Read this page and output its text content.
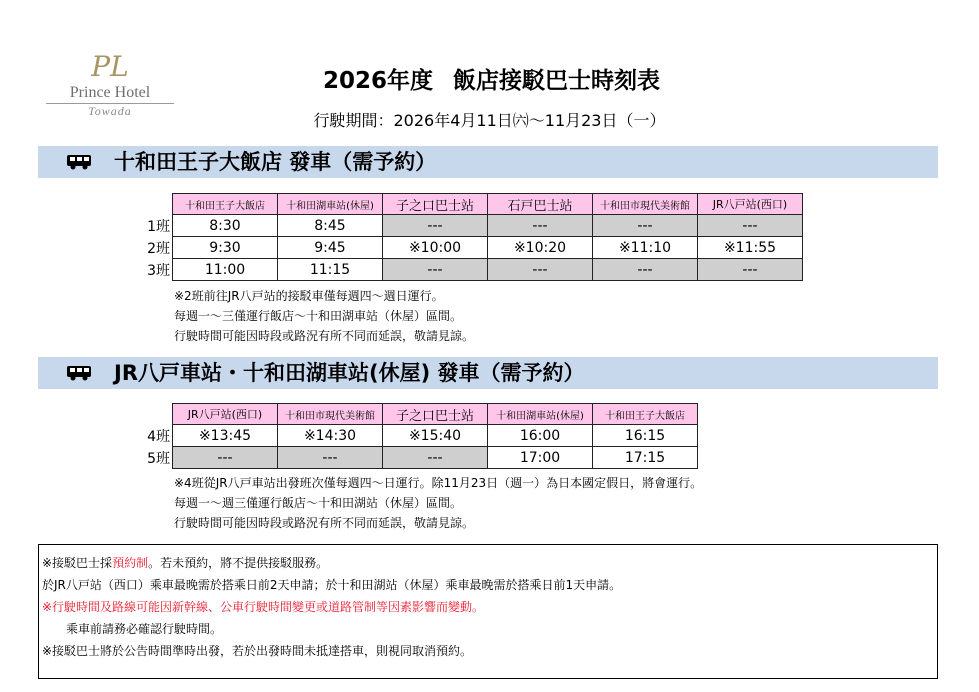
PL
Prince Hotel
Towada
2026年度 飯店接駁巴士時刻表
行駛期間：2026年4月11日㈥～11月23日（一）
十和田王子大飯店 發車（需予約）
	十和田王子大飯店	十和田湖車站(休屋)	子之口巴士站	石戸巴士站	十和田市現代美術館	JR八戸站(西口)
1班	8:30	8:45	---	---	---	---
2班	9:30	9:45	※10:00	※10:20	※11:10	※11:55
3班	11:00	11:15	---	---	---	---
※2班前往JR八戸站的接駁車僅每週四～週日運行。
每週一～三僅運行飯店～十和田湖車站（休屋）區間。
行駛時間可能因時段或路況有所不同而延誤，敬請見諒。
JR八戸車站・十和田湖車站(休屋) 發車（需予約）
	JR八戸站(西口)	十和田市現代美術館	子之口巴士站	十和田湖車站(休屋)	十和田王子大飯店
4班	※13:45	※14:30	※15:40	16:00	16:15
5班	---	---	---	17:00	17:15
※4班從JR八戸車站出發班次僅每週四～日運行。除11月23日（週一）為日本國定假日，將會運行。
每週一～週三僅運行飯店～十和田湖站（休屋）區間。
行駛時間可能因時段或路況有所不同而延誤，敬請見諒。
※接駁巴士採預約制。若未預約，將不提供接駁服務。
於JR八戸站（西口）乘車最晚需於搭乘日前2天申請；於十和田湖站（休屋）乘車最晚需於搭乘日前1天申請。
※行駛時間及路線可能因新幹線、公車行駛時間變更或道路管制等因素影響而變動。
乘車前請務必確認行駛時間。
※接駁巴士將於公告時間準時出發，若於出發時間未抵達搭車，則視同取消預約。
